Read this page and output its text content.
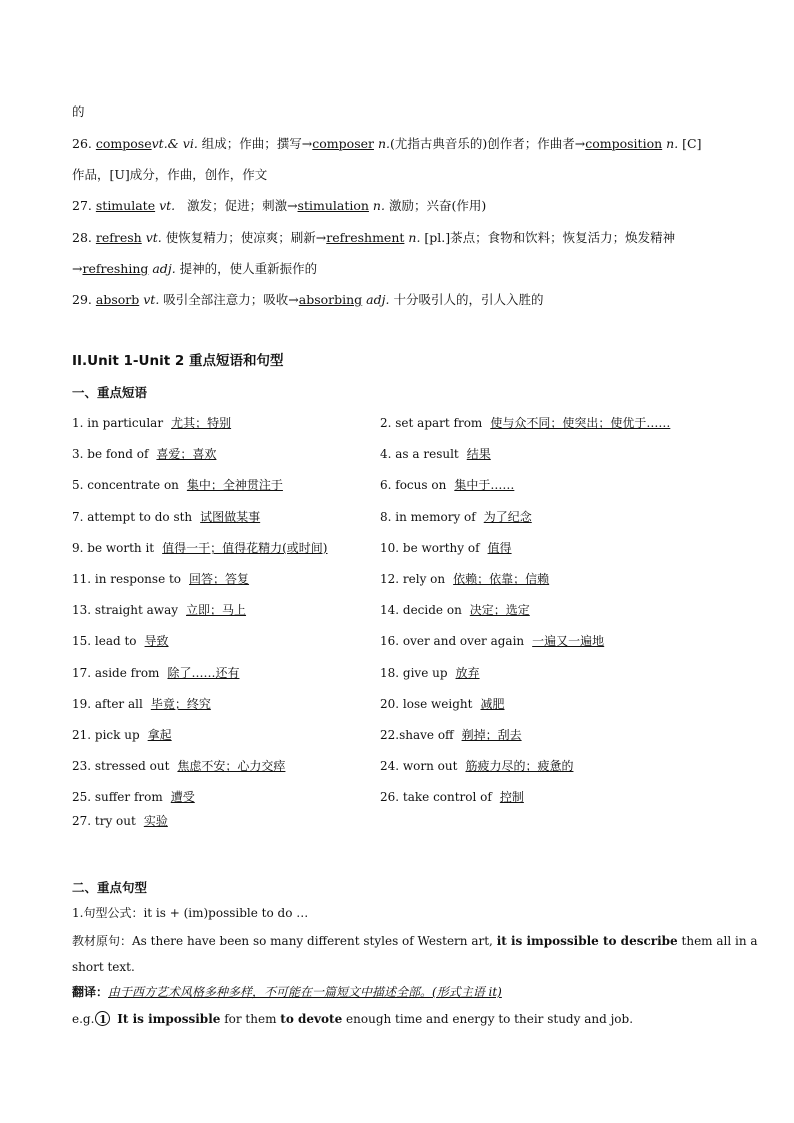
的
26. composevt.& vi. 组成；作曲；撰写→composer n.(尤指古典音乐的)创作者；作曲者→composition n. [C]
作品，[U]成分，作曲，创作，作文
27. stimulate vt. 激发；促进；刺激→stimulation n. 激励；兴奋(作用)
28. refresh vt. 使恢复精力；使凉爽；刷新→refreshment n. [pl.]茶点；食物和饮料；恢复活力；焕发精神
→refreshing adj. 提神的，使人重新振作的
29. absorb vt. 吸引全部注意力；吸收→absorbing adj. 十分吸引人的，引人入胜的
II.Unit 1-Unit 2 重点短语和句型
一、重点短语
1. in particular 尤其；特别	2. set apart from 使与众不同；使突出；使优于……
3. be fond of 喜爱；喜欢	4. as a result 结果
5. concentrate on 集中；全神贯注于	6. focus on 集中于……
7. attempt to do sth 试图做某事	8. in memory of 为了纪念
9. be worth it 值得一干；值得花精力(或时间)	10. be worthy of 值得
11. in response to 回答；答复	12. rely on 依赖；依靠；信赖
13. straight away 立即；马上	14. decide on 决定；选定
15. lead to 导致	16. over and over again 一遍又一遍地
17. aside from 除了……还有	18. give up 放弃
19. after all 毕竟；终究	20. lose weight 减肥
21. pick up 拿起	22.shave off 剃掉；刮去
23. stressed out 焦虑不安；心力交瘁	24. worn out 筋疲力尽的；疲惫的
25. suffer from 遭受	26. take control of 控制
27. try out 实验
二、重点句型
1.句型公式：it is + (im)possible to do …
教材原句：As there have been so many different styles of Western art, it is impossible to describe them all in a
short text.
翻译：由于西方艺术风格多种多样，不可能在一篇短文中描述全部。(形式主语 it)
e.g. 1 It is impossible for them to devote enough time and energy to their study and job.
